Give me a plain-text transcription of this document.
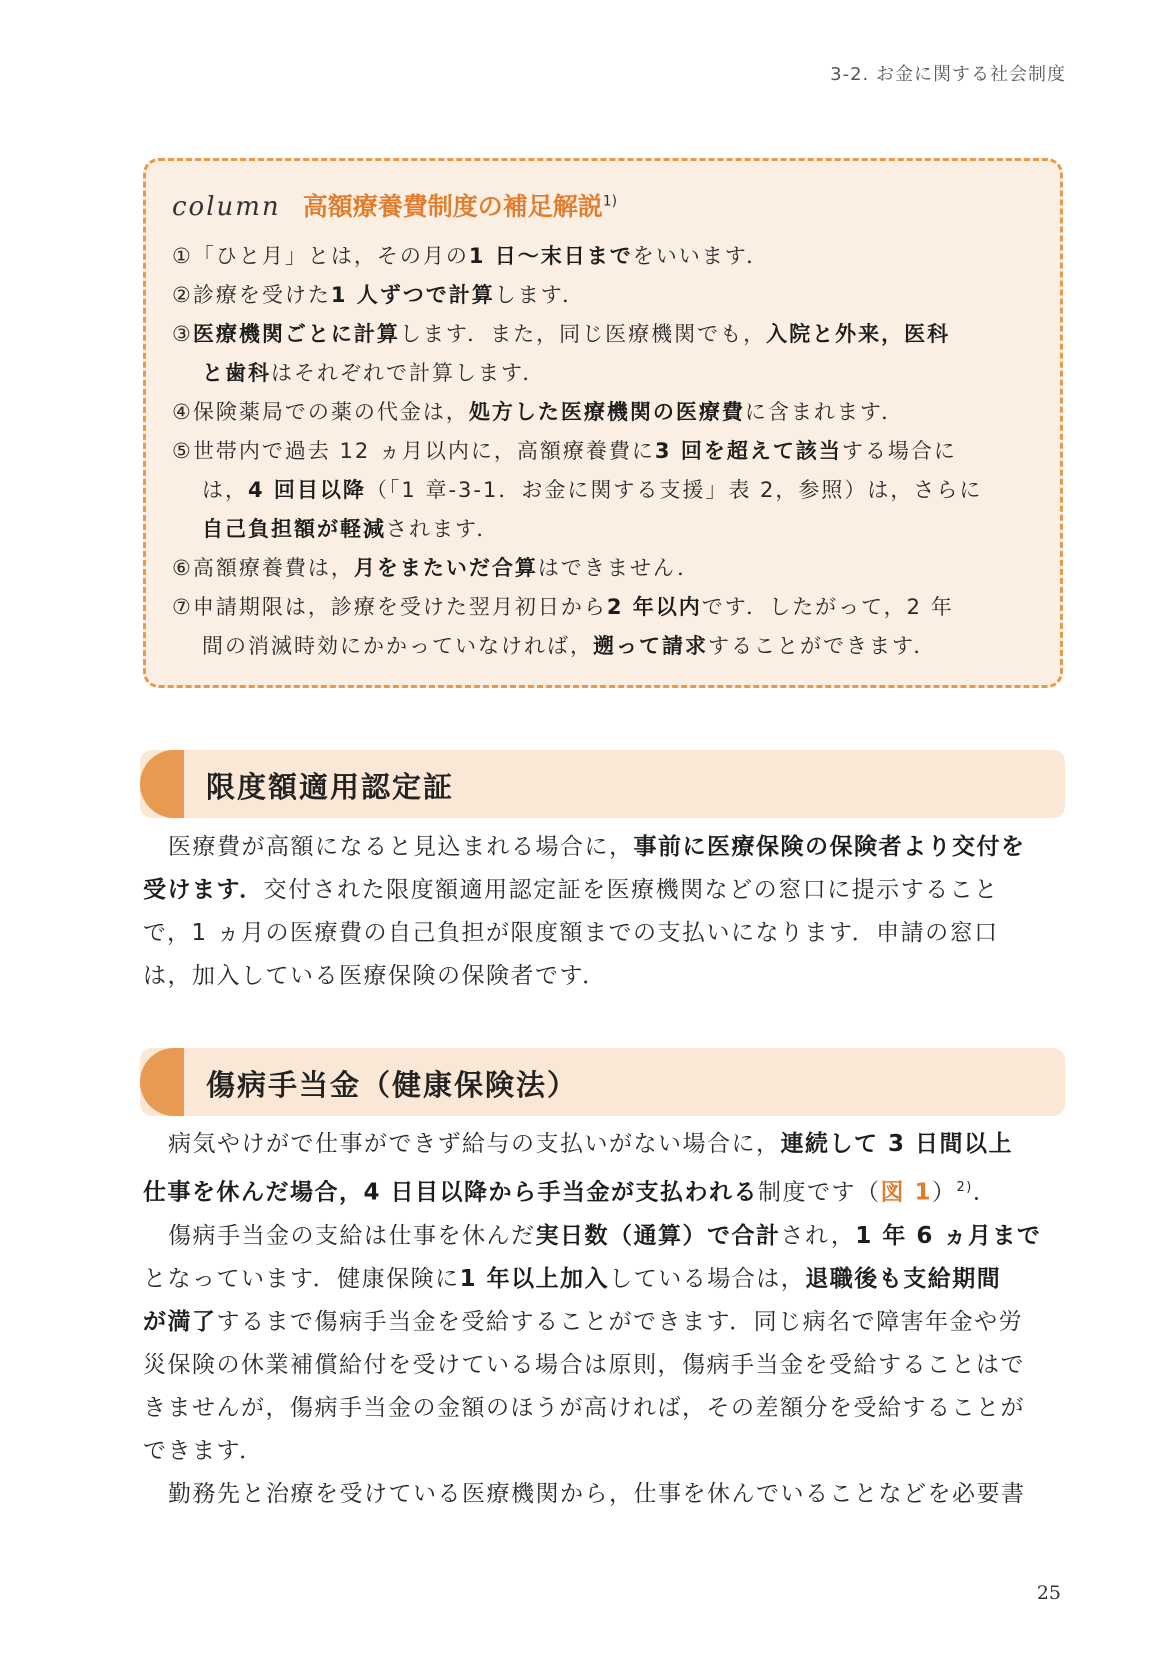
3-2. お金に関する社会制度
column 高額療養費制度の補足解説$^{1)}$
①「ひと月」とは，その月の1 日～末日までをいいます．
②診療を受けた1 人ずつで計算します．
③医療機関ごとに計算します．また，同じ医療機関でも，入院と外来，医科
と歯科はそれぞれで計算します．
④保険薬局での薬の代金は，処方した医療機関の医療費に含まれます．
⑤世帯内で過去 12 ヵ月以内に，高額療養費に3 回を超えて該当する場合に
は，4 回目以降（「1 章-3-1．お金に関する支援」表 2，参照）は，さらに
自己負担額が軽減されます．
⑥高額療養費は，月をまたいだ合算はできません．
⑦申請期限は，診療を受けた翌月初日から2 年以内です．したがって，2 年
間の消滅時効にかかっていなければ，遡って請求することができます．
限度額適用認定証
医療費が高額になると見込まれる場合に，事前に医療保険の保険者より交付を
受けます．交付された限度額適用認定証を医療機関などの窓口に提示すること
で，1 ヵ月の医療費の自己負担が限度額までの支払いになります．申請の窓口
は，加入している医療保険の保険者です．
傷病手当金（健康保険法）
病気やけがで仕事ができず給与の支払いがない場合に，連続して 3 日間以上
仕事を休んだ場合，4 日目以降から手当金が支払われる制度です（図 1）$^{2)}$．
傷病手当金の支給は仕事を休んだ実日数（通算）で合計され，1 年 6 ヵ月まで
となっています．健康保険に1 年以上加入している場合は，退職後も支給期間
が満了するまで傷病手当金を受給することができます．同じ病名で障害年金や労
災保険の休業補償給付を受けている場合は原則，傷病手当金を受給することはで
きませんが，傷病手当金の金額のほうが高ければ，その差額分を受給することが
できます．
勤務先と治療を受けている医療機関から，仕事を休んでいることなどを必要書
25
